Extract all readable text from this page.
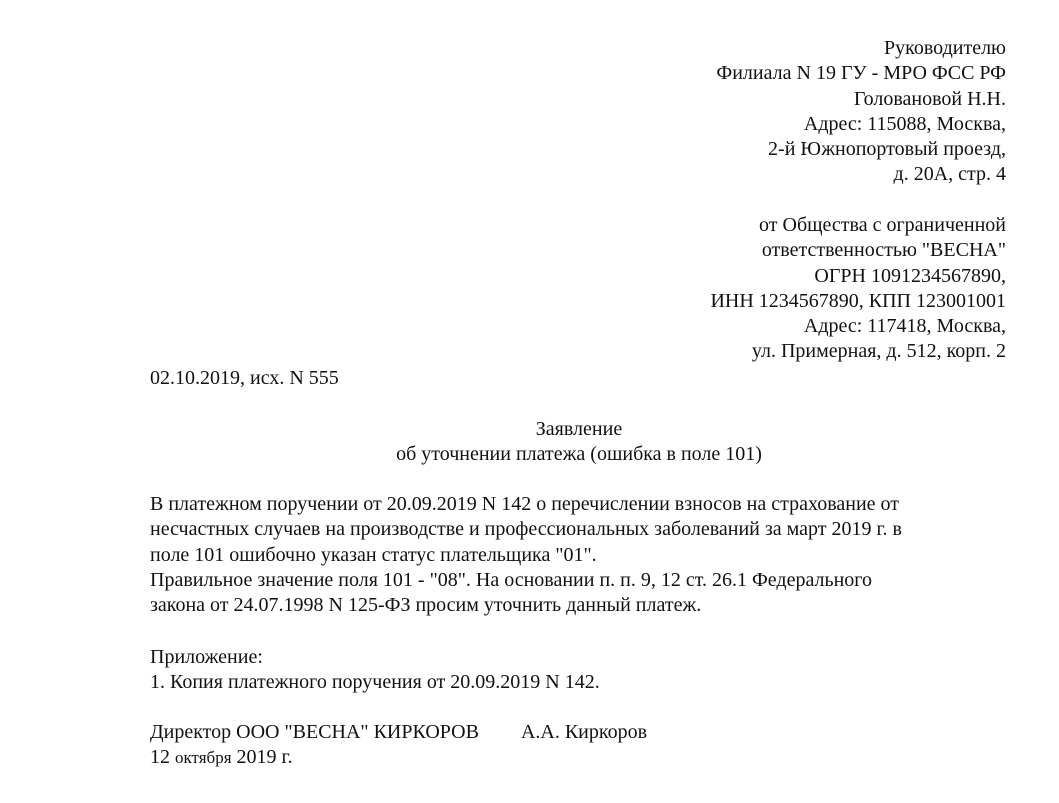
Руководителю
Филиала N 19 ГУ - МРО ФСС РФ
Головановой Н.Н.
Адрес: 115088, Москва,
2-й Южнопортовый проезд,
д. 20А, стр. 4
от Общества с ограниченной
ответственностью "ВЕСНА"
ОГРН 1091234567890,
ИНН 1234567890, КПП 123001001
Адрес: 117418, Москва,
ул. Примерная, д. 512, корп. 2
02.10.2019, исх. N 555
Заявление
об уточнении платежа (ошибка в поле 101)
В платежном поручении от 20.09.2019 N 142 о перечислении взносов на страхование от
несчастных случаев на производстве и профессиональных заболеваний за март 2019 г. в
поле 101 ошибочно указан статус плательщика "01".
Правильное значение поля 101 - "08". На основании п. п. 9, 12 ст. 26.1 Федерального
закона от 24.07.1998 N 125-ФЗ просим уточнить данный платеж.
Приложение:
1. Копия платежного поручения от 20.09.2019 N 142.
Директор ООО "ВЕСНА" КИРКОРОВ А.А. Киркоров
12 октября 2019 г.
